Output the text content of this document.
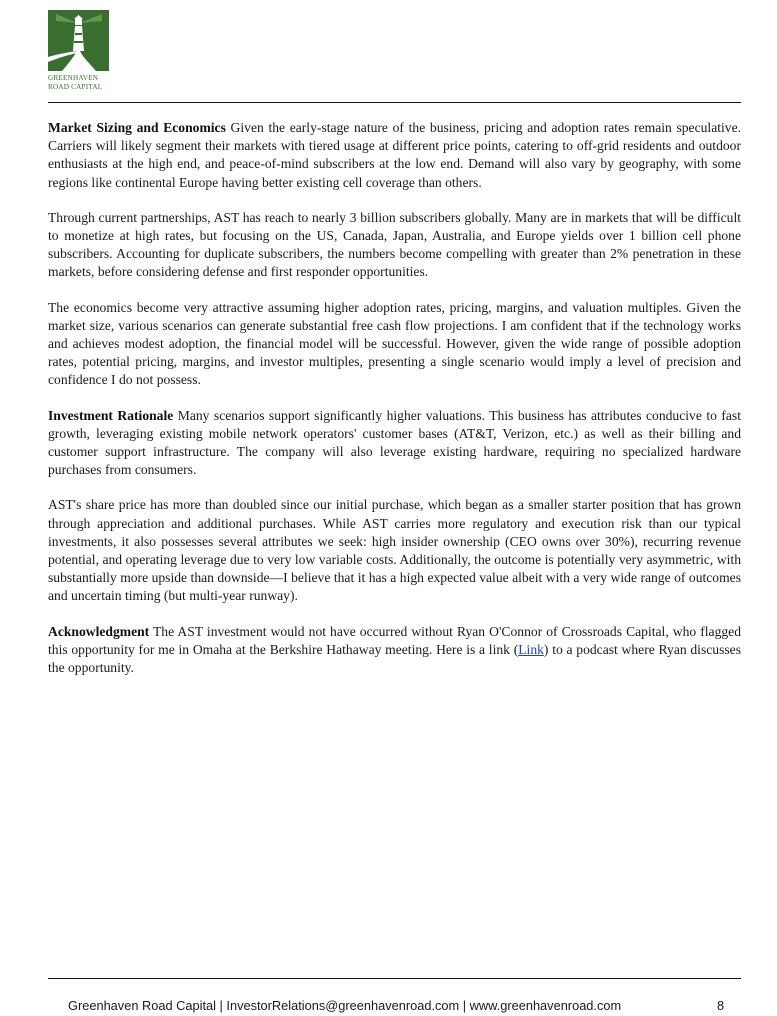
GREENHAVEN
ROAD CAPITAL

Market Sizing and Economics Given the early-stage nature of the business, pricing and adoption rates remain speculative. Carriers will likely segment their markets with tiered usage at different price points, catering to off-grid residents and outdoor enthusiasts at the high end, and peace-of-mind subscribers at the low end. Demand will also vary by geography, with some regions like continental Europe having better existing cell coverage than others.

Through current partnerships, AST has reach to nearly 3 billion subscribers globally. Many are in markets that will be difficult to monetize at high rates, but focusing on the US, Canada, Japan, Australia, and Europe yields over 1 billion cell phone subscribers. Accounting for duplicate subscribers, the numbers become compelling with greater than 2% penetration in these markets, before considering defense and first responder opportunities.

The economics become very attractive assuming higher adoption rates, pricing, margins, and valuation multiples. Given the market size, various scenarios can generate substantial free cash flow projections. I am confident that if the technology works and achieves modest adoption, the financial model will be successful. However, given the wide range of possible adoption rates, potential pricing, margins, and investor multiples, presenting a single scenario would imply a level of precision and confidence I do not possess.

Investment Rationale Many scenarios support significantly higher valuations. This business has attributes conducive to fast growth, leveraging existing mobile network operators' customer bases (AT&T, Verizon, etc.) as well as their billing and customer support infrastructure. The company will also leverage existing hardware, requiring no specialized hardware purchases from consumers.

AST's share price has more than doubled since our initial purchase, which began as a smaller starter position that has grown through appreciation and additional purchases. While AST carries more regulatory and execution risk than our typical investments, it also possesses several attributes we seek: high insider ownership (CEO owns over 30%), recurring revenue potential, and operating leverage due to very low variable costs. Additionally, the outcome is potentially very asymmetric, with substantially more upside than downside—I believe that it has a high expected value albeit with a very wide range of outcomes and uncertain timing (but multi-year runway).

Acknowledgment The AST investment would not have occurred without Ryan O'Connor of Crossroads Capital, who flagged this opportunity for me in Omaha at the Berkshire Hathaway meeting. Here is a link (Link) to a podcast where Ryan discusses the opportunity.

Greenhaven Road Capital | InvestorRelations@greenhavenroad.com | www.greenhavenroad.com	8
